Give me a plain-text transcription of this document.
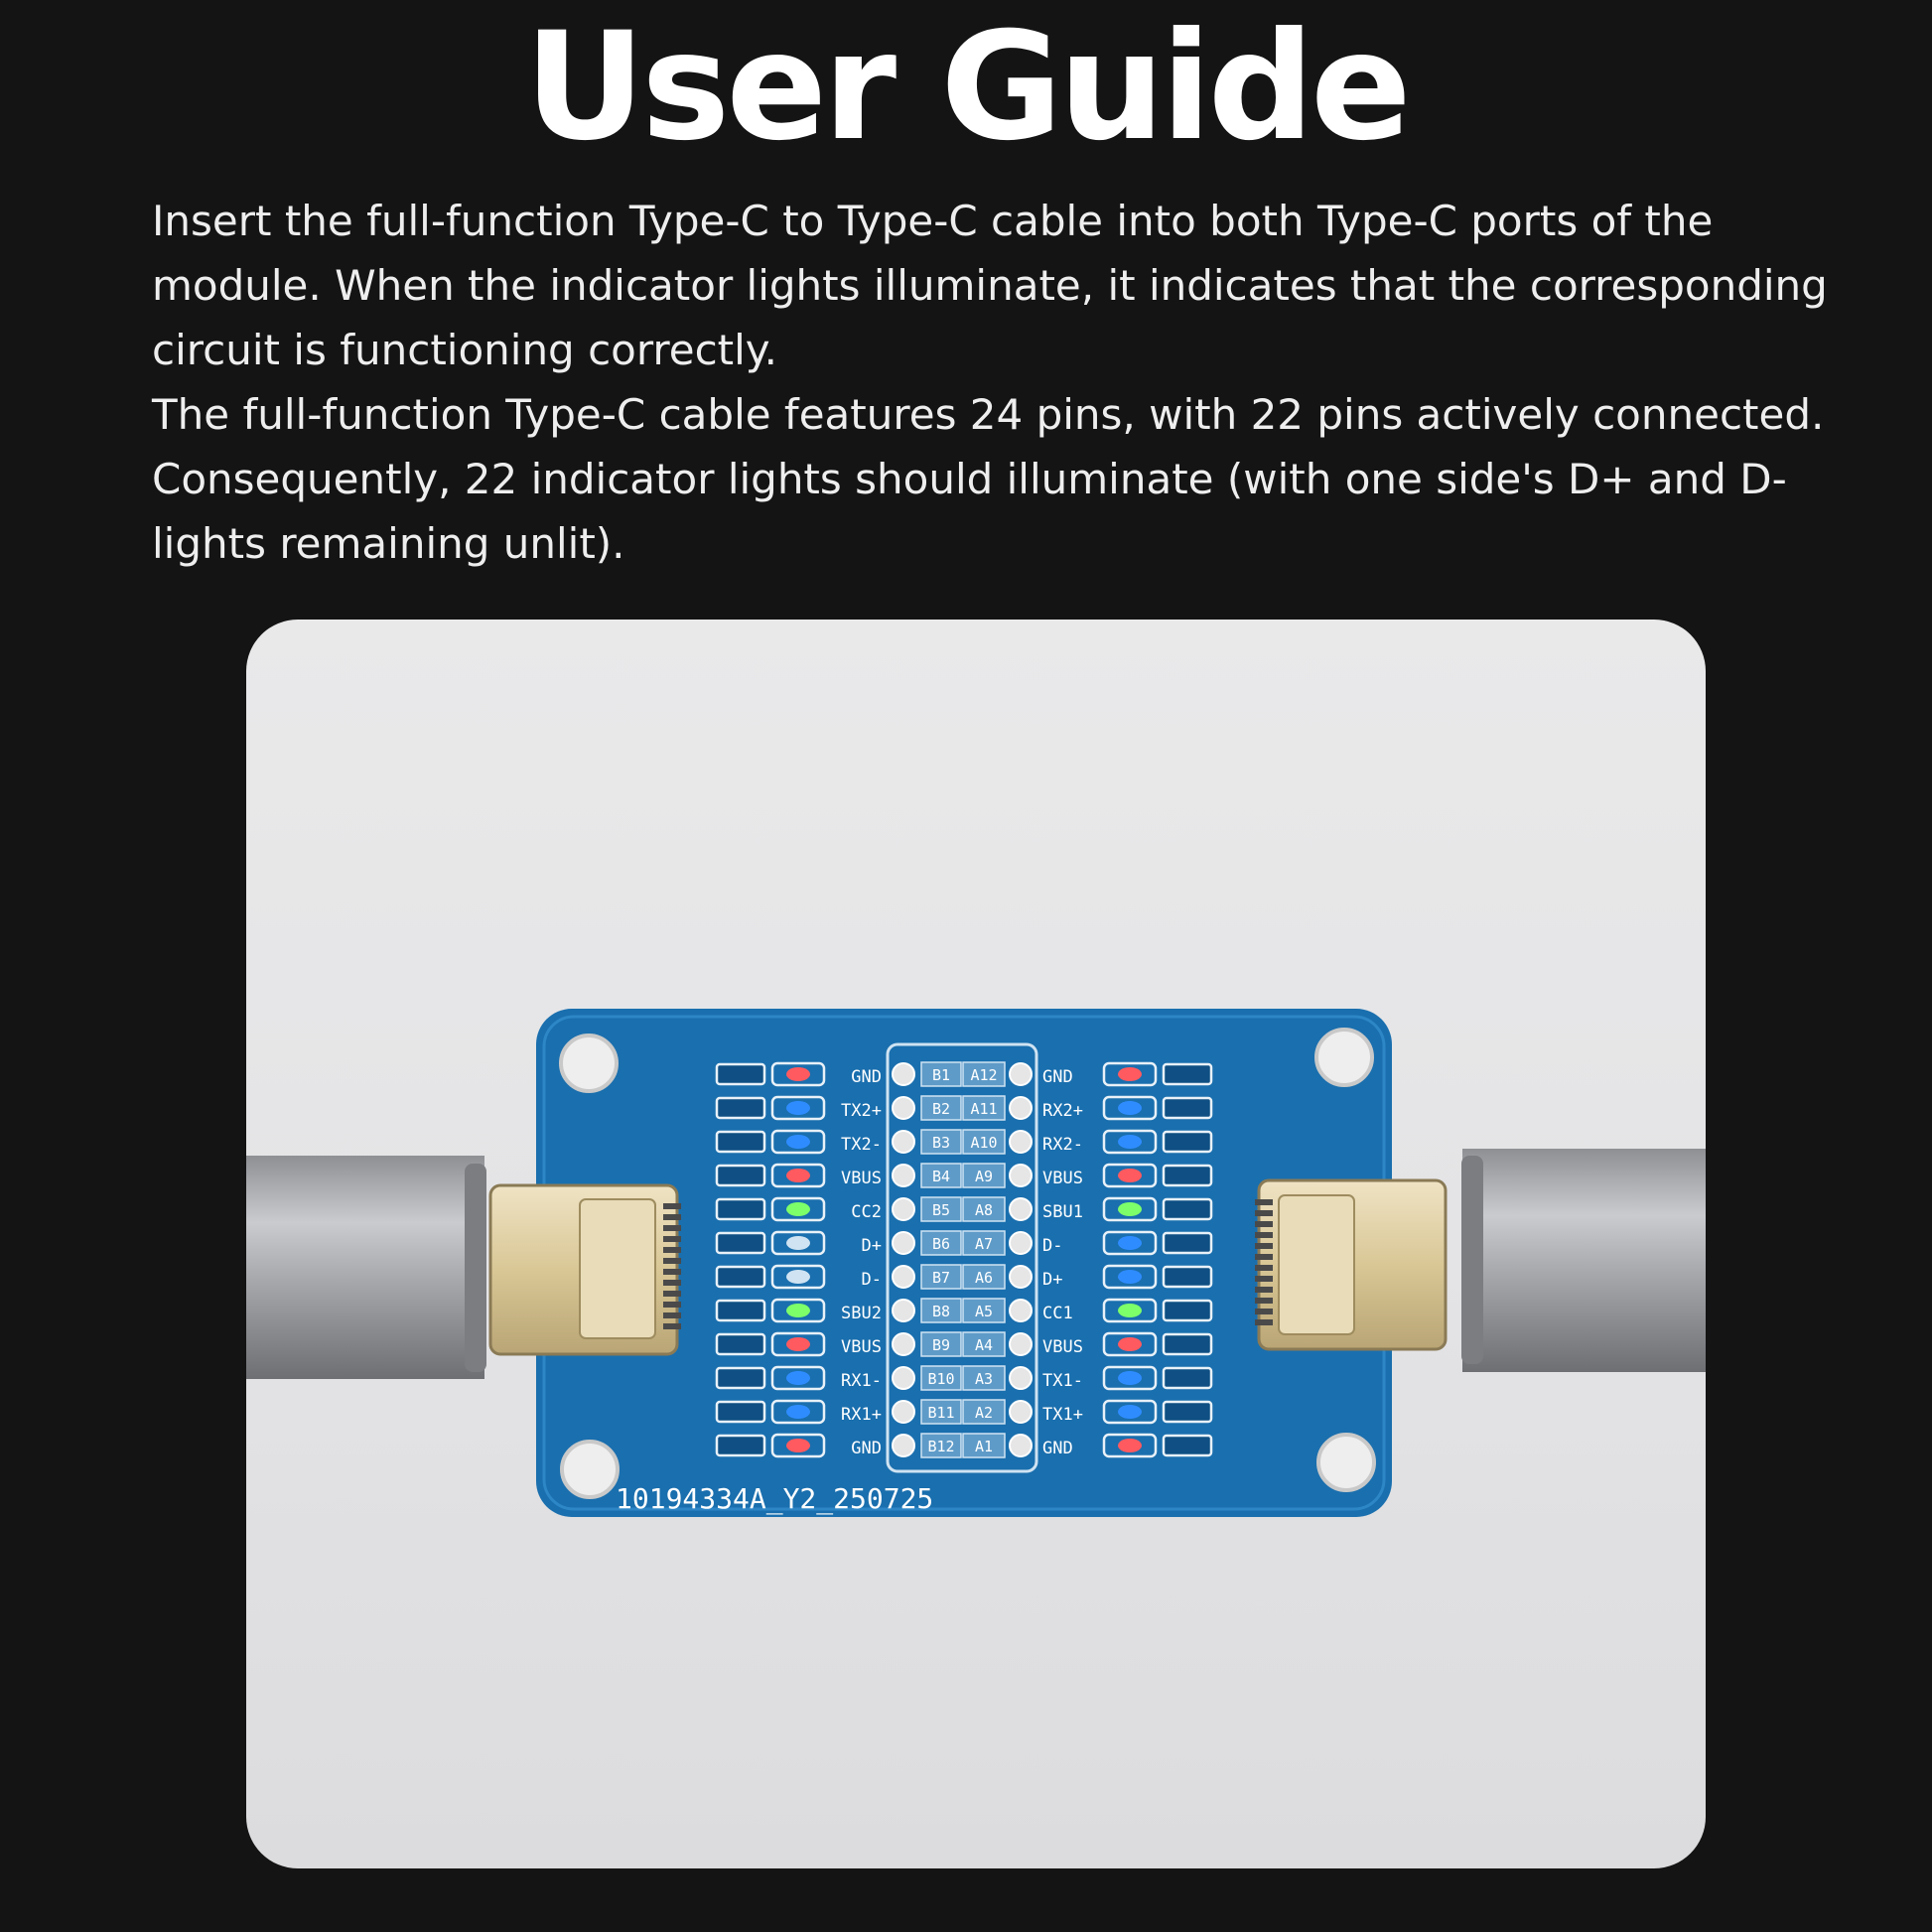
User Guide

Insert the full-function Type-C to Type-C cable into both Type-C ports of the module. When the indicator lights illuminate, it indicates that the corresponding circuit is functioning correctly.

The full-function Type-C cable features 24 pins, with 22 pins actively connected. Consequently, 22 indicator lights should illuminate (with one side's D+ and D- lights remaining unlit).

GND	B1 A12	GND
TX2+	B2 A11	RX2+
TX2-	B3 A10	RX2-
VBUS	B4 A9	VBUS
CC2	B5 A8	SBU1
D+	B6 A7	D-
D-	B7 A6	D+
SBU2	B8 A5	CC1
VBUS	B9 A4	VBUS
RX1-	B10 A3	TX1-
RX1+	B11 A2	TX1+
GND	B12 A1	GND
10194334A_Y2_250725
